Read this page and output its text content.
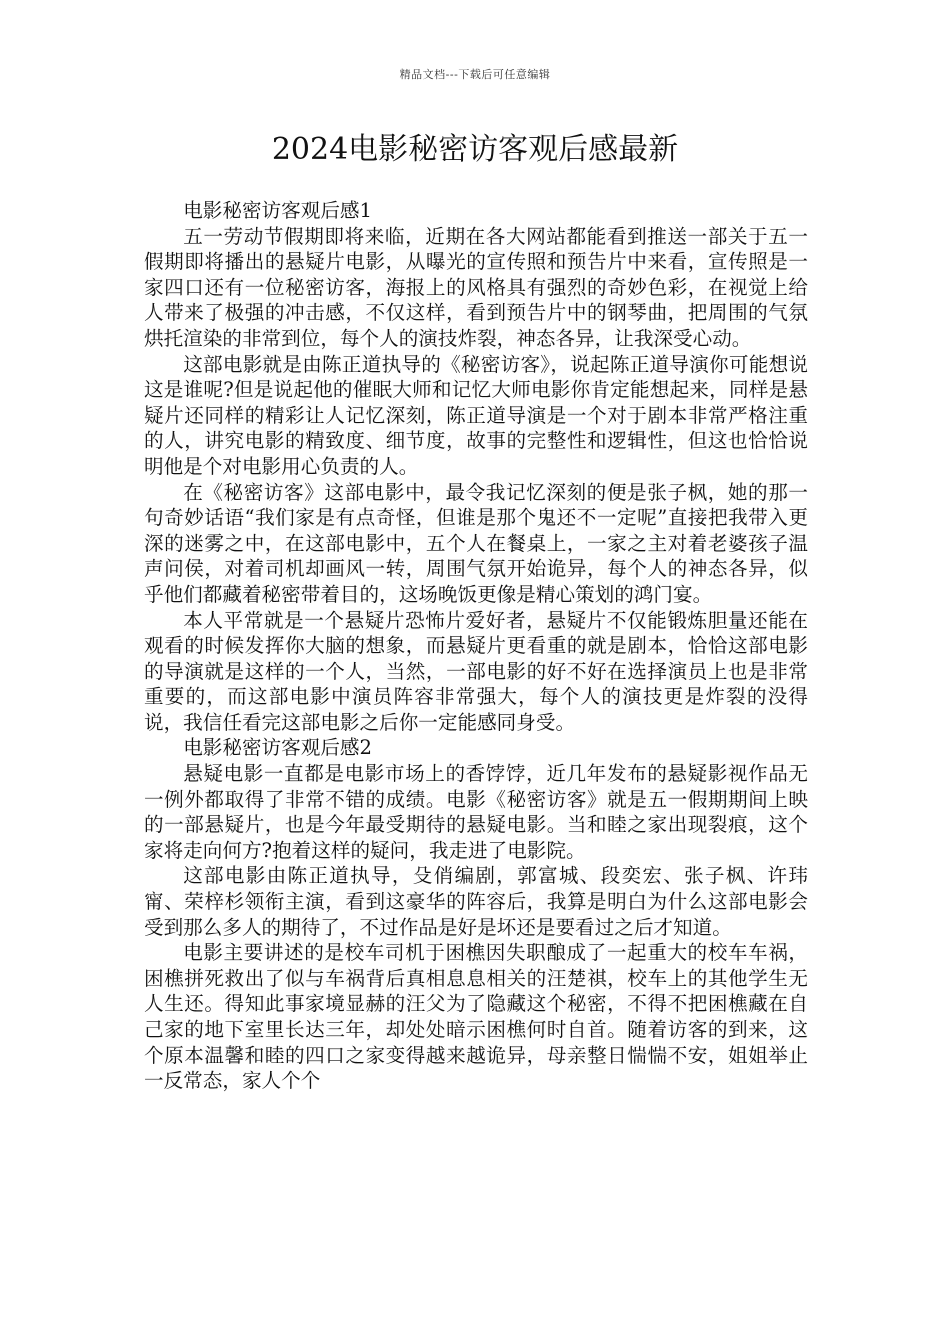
精品文档---下载后可任意编辑
2024电影秘密访客观后感最新

电影秘密访客观后感1

五一劳动节假期即将来临，近期在各大网站都能看到推送一部关于五一假期即将播出的悬疑片电影，从曝光的宣传照和预告片中来看，宣传照是一家四口还有一位秘密访客，海报上的风格具有强烈的奇妙色彩，在视觉上给人带来了极强的冲击感，不仅这样，看到预告片中的钢琴曲，把周围的气氛烘托渲染的非常到位，每个人的演技炸裂，神态各异，让我深受心动。

这部电影就是由陈正道执导的《秘密访客》，说起陈正道导演你可能想说这是谁呢?但是说起他的催眠大师和记忆大师电影你肯定能想起来，同样是悬疑片还同样的精彩让人记忆深刻，陈正道导演是一个对于剧本非常严格注重的人，讲究电影的精致度、细节度，故事的完整性和逻辑性，但这也恰恰说明他是个对电影用心负责的人。

在《秘密访客》这部电影中，最令我记忆深刻的便是张子枫，她的那一句奇妙话语“我们家是有点奇怪，但谁是那个鬼还不一定呢”直接把我带入更深的迷雾之中，在这部电影中，五个人在餐桌上，一家之主对着老婆孩子温声问侯，对着司机却画风一转，周围气氛开始诡异，每个人的神态各异，似乎他们都藏着秘密带着目的，这场晚饭更像是精心策划的鸿门宴。

本人平常就是一个悬疑片恐怖片爱好者，悬疑片不仅能锻炼胆量还能在观看的时候发挥你大脑的想象，而悬疑片更看重的就是剧本，恰恰这部电影的导演就是这样的一个人，当然，一部电影的好不好在选择演员上也是非常重要的，而这部电影中演员阵容非常强大，每个人的演技更是炸裂的没得说，我信任看完这部电影之后你一定能感同身受。

电影秘密访客观后感2

悬疑电影一直都是电影市场上的香饽饽，近几年发布的悬疑影视作品无一例外都取得了非常不错的成绩。电影《秘密访客》就是五一假期期间上映的一部悬疑片，也是今年最受期待的悬疑电影。当和睦之家出现裂痕，这个家将走向何方?抱着这样的疑问，我走进了电影院。

这部电影由陈正道执导，殳俏编剧，郭富城、段奕宏、张子枫、许玮甯、荣梓杉领衔主演，看到这豪华的阵容后，我算是明白为什么这部电影会受到那么多人的期待了，不过作品是好是坏还是要看过之后才知道。

电影主要讲述的是校车司机于困樵因失职酿成了一起重大的校车车祸，困樵拼死救出了似与车祸背后真相息息相关的汪楚祺，校车上的其他学生无人生还。得知此事家境显赫的汪父为了隐藏这个秘密，不得不把困樵藏在自己家的地下室里长达三年，却处处暗示困樵何时自首。随着访客的到来，这个原本温馨和睦的四口之家变得越来越诡异，母亲整日惴惴不安，姐姐举止一反常态，家人个个
